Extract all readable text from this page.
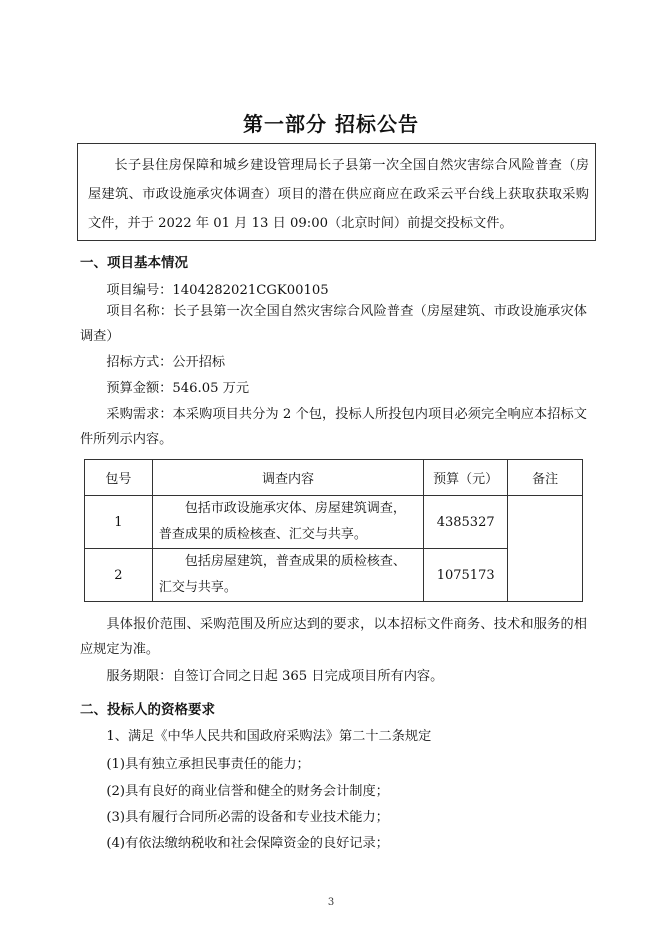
第一部分 招标公告

长子县住房保障和城乡建设管理局长子县第一次全国自然灾害综合风险普查（房屋建筑、市政设施承灾体调查）项目的潜在供应商应在政采云平台线上获取获取采购文件，并于 2022 年 01 月 13 日 09:00（北京时间）前提交投标文件。

一、项目基本情况

项目编号：1404282021CGK00105

项目名称：长子县第一次全国自然灾害综合风险普查（房屋建筑、市政设施承灾体调查）

招标方式：公开招标

预算金额：546.05 万元

采购需求：本采购项目共分为 2 个包，投标人所投包内项目必须完全响应本招标文件所列示内容。

包号	调查内容	预算（元）	备注
1	包括市政设施承灾体、房屋建筑调查，普查成果的质检核查、汇交与共享。	4385327	
2	包括房屋建筑，普查成果的质检核查、汇交与共享。	1075173	

具体报价范围、采购范围及所应达到的要求，以本招标文件商务、技术和服务的相应规定为准。

服务期限：自签订合同之日起 365 日完成项目所有内容。

二、投标人的资格要求

1、满足《中华人民共和国政府采购法》第二十二条规定

(1)具有独立承担民事责任的能力；

(2)具有良好的商业信誉和健全的财务会计制度；

(3)具有履行合同所必需的设备和专业技术能力；

(4)有依法缴纳税收和社会保障资金的良好记录；

3
